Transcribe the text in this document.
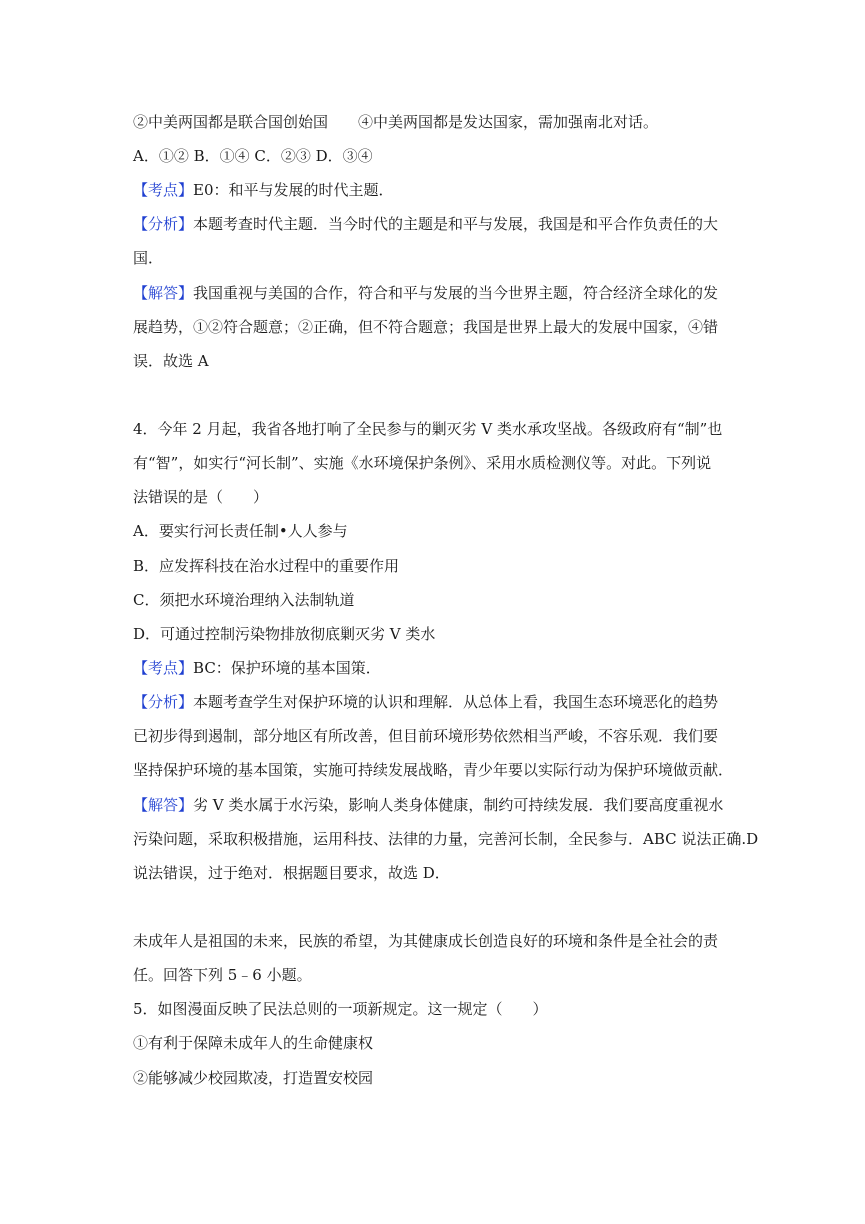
②中美两国都是联合国创始国 ④中美两国都是发达国家，需加强南北对话。
A．①② B．①④ C．②③ D．③④
【考点】E0：和平与发展的时代主题．
【分析】本题考查时代主题．当今时代的主题是和平与发展，我国是和平合作负责任的大
国．
【解答】我国重视与美国的合作，符合和平与发展的当今世界主题，符合经济全球化的发
展趋势，①②符合题意；②正确，但不符合题意；我国是世界上最大的发展中国家，④错
误．故选 A
4．今年 2 月起，我省各地打响了全民参与的剿灭劣 V 类水承攻坚战。各级政府有“制”也
有“智”，如实行“河长制”、实施《水环境保护条例》、采用水质检测仪等。对此。下列说
法错误的是（　　）
A．要实行河长责任制•人人参与
B．应发挥科技在治水过程中的重要作用
C．须把水环境治理纳入法制轨道
D．可通过控制污染物排放彻底剿灭劣 V 类水
【考点】BC：保护环境的基本国策．
【分析】本题考查学生对保护环境的认识和理解．从总体上看，我国生态环境恶化的趋势
已初步得到遏制，部分地区有所改善，但目前环境形势依然相当严峻，不容乐观．我们要
坚持保护环境的基本国策，实施可持续发展战略，青少年要以实际行动为保护环境做贡献．
【解答】劣 V 类水属于水污染，影响人类身体健康，制约可持续发展．我们要高度重视水
污染问题，采取积极措施，运用科技、法律的力量，完善河长制，全民参与．ABC 说法正确.D
说法错误，过于绝对．根据题目要求，故选 D．
未成年人是祖国的未来，民族的希望，为其健康成长创造良好的环境和条件是全社会的责
任。回答下列 5﹣6 小题。
5．如图漫面反映了民法总则的一项新规定。这一规定（　　）
①有利于保障未成年人的生命健康权
②能够减少校园欺凌，打造置安校园
